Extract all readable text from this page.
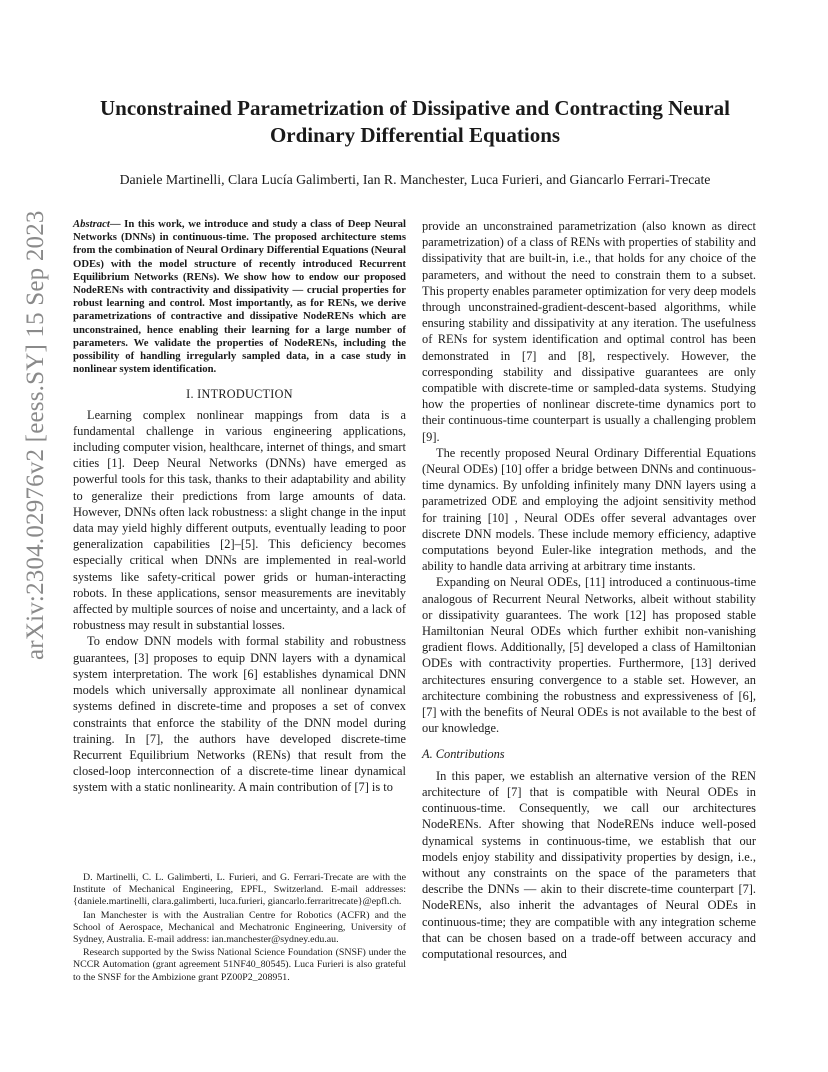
arXiv:2304.02976v2 [eess.SY] 15 Sep 2023
Unconstrained Parametrization of Dissipative and Contracting Neural Ordinary Differential Equations
Daniele Martinelli, Clara Lucía Galimberti, Ian R. Manchester, Luca Furieri, and Giancarlo Ferrari-Trecate
Abstract— In this work, we introduce and study a class of Deep Neural Networks (DNNs) in continuous-time. The proposed architecture stems from the combination of Neural Ordinary Differential Equations (Neural ODEs) with the model structure of recently introduced Recurrent Equilibrium Networks (RENs). We show how to endow our proposed NodeRENs with contractivity and dissipativity — crucial properties for robust learning and control. Most importantly, as for RENs, we derive parametrizations of contractive and dissipative NodeRENs which are unconstrained, hence enabling their learning for a large number of parameters. We validate the properties of NodeRENs, including the possibility of handling irregularly sampled data, in a case study in nonlinear system identification.
I. INTRODUCTION

Learning complex nonlinear mappings from data is a fundamental challenge in various engineering applications, including computer vision, healthcare, internet of things, and smart cities [1]. Deep Neural Networks (DNNs) have emerged as powerful tools for this task, thanks to their adaptability and ability to generalize their predictions from large amounts of data. However, DNNs often lack robustness: a slight change in the input data may yield highly different outputs, eventually leading to poor generalization capabilities [2]–[5]. This deficiency becomes especially critical when DNNs are implemented in real-world systems like safety-critical power grids or human-interacting robots. In these applications, sensor measurements are inevitably affected by multiple sources of noise and uncertainty, and a lack of robustness may result in substantial losses.

To endow DNN models with formal stability and robustness guarantees, [3] proposes to equip DNN layers with a dynamical system interpretation. The work [6] establishes dynamical DNN models which universally approximate all nonlinear dynamical systems defined in discrete-time and proposes a set of convex constraints that enforce the stability of the DNN model during training. In [7], the authors have developed discrete-time Recurrent Equilibrium Networks (RENs) that result from the closed-loop interconnection of a discrete-time linear dynamical system with a static nonlinearity. A main contribution of [7] is to

D. Martinelli, C. L. Galimberti, L. Furieri, and G. Ferrari-Trecate are with the Institute of Mechanical Engineering, EPFL, Switzerland. E-mail addresses: {daniele.martinelli, clara.galimberti, luca.furieri, giancarlo.ferraritrecate}@epfl.ch.

Ian Manchester is with the Australian Centre for Robotics (ACFR) and the School of Aerospace, Mechanical and Mechatronic Engineering, University of Sydney, Australia. E-mail address: ian.manchester@sydney.edu.au.

Research supported by the Swiss National Science Foundation (SNSF) under the NCCR Automation (grant agreement 51NF40_80545). Luca Furieri is also grateful to the SNSF for the Ambizione grant PZ00P2_208951.

provide an unconstrained parametrization (also known as direct parametrization) of a class of RENs with properties of stability and dissipativity that are built-in, i.e., that holds for any choice of the parameters, and without the need to constrain them to a subset. This property enables parameter optimization for very deep models through unconstrained-gradient-descent-based algorithms, while ensuring stability and dissipativity at any iteration. The usefulness of RENs for system identification and optimal control has been demonstrated in [7] and [8], respectively. However, the corresponding stability and dissipative guarantees are only compatible with discrete-time or sampled-data systems. Studying how the properties of nonlinear discrete-time dynamics port to their continuous-time counterpart is usually a challenging problem [9].

The recently proposed Neural Ordinary Differential Equations (Neural ODEs) [10] offer a bridge between DNNs and continuous-time dynamics. By unfolding infinitely many DNN layers using a parametrized ODE and employing the adjoint sensitivity method for training [10] , Neural ODEs offer several advantages over discrete DNN models. These include memory efficiency, adaptive computations beyond Euler-like integration methods, and the ability to handle data arriving at arbitrary time instants.

Expanding on Neural ODEs, [11] introduced a continuous-time analogous of Recurrent Neural Networks, albeit without stability or dissipativity guarantees. The work [12] has proposed stable Hamiltonian Neural ODEs which further exhibit non-vanishing gradient flows. Additionally, [5] developed a class of Hamiltonian ODEs with contractivity properties. Furthermore, [13] derived architectures ensuring convergence to a stable set. However, an architecture combining the robustness and expressiveness of [6], [7] with the benefits of Neural ODEs is not available to the best of our knowledge.

A. Contributions

In this paper, we establish an alternative version of the REN architecture of [7] that is compatible with Neural ODEs in continuous-time. Consequently, we call our architectures NodeRENs. After showing that NodeRENs induce well-posed dynamical systems in continuous-time, we establish that our models enjoy stability and dissipativity properties by design, i.e., without any constraints on the space of the parameters that describe the DNNs — akin to their discrete-time counterpart [7]. NodeRENs, also inherit the advantages of Neural ODEs in continuous-time; they are compatible with any integration scheme that can be chosen based on a trade-off between accuracy and computational resources, and
